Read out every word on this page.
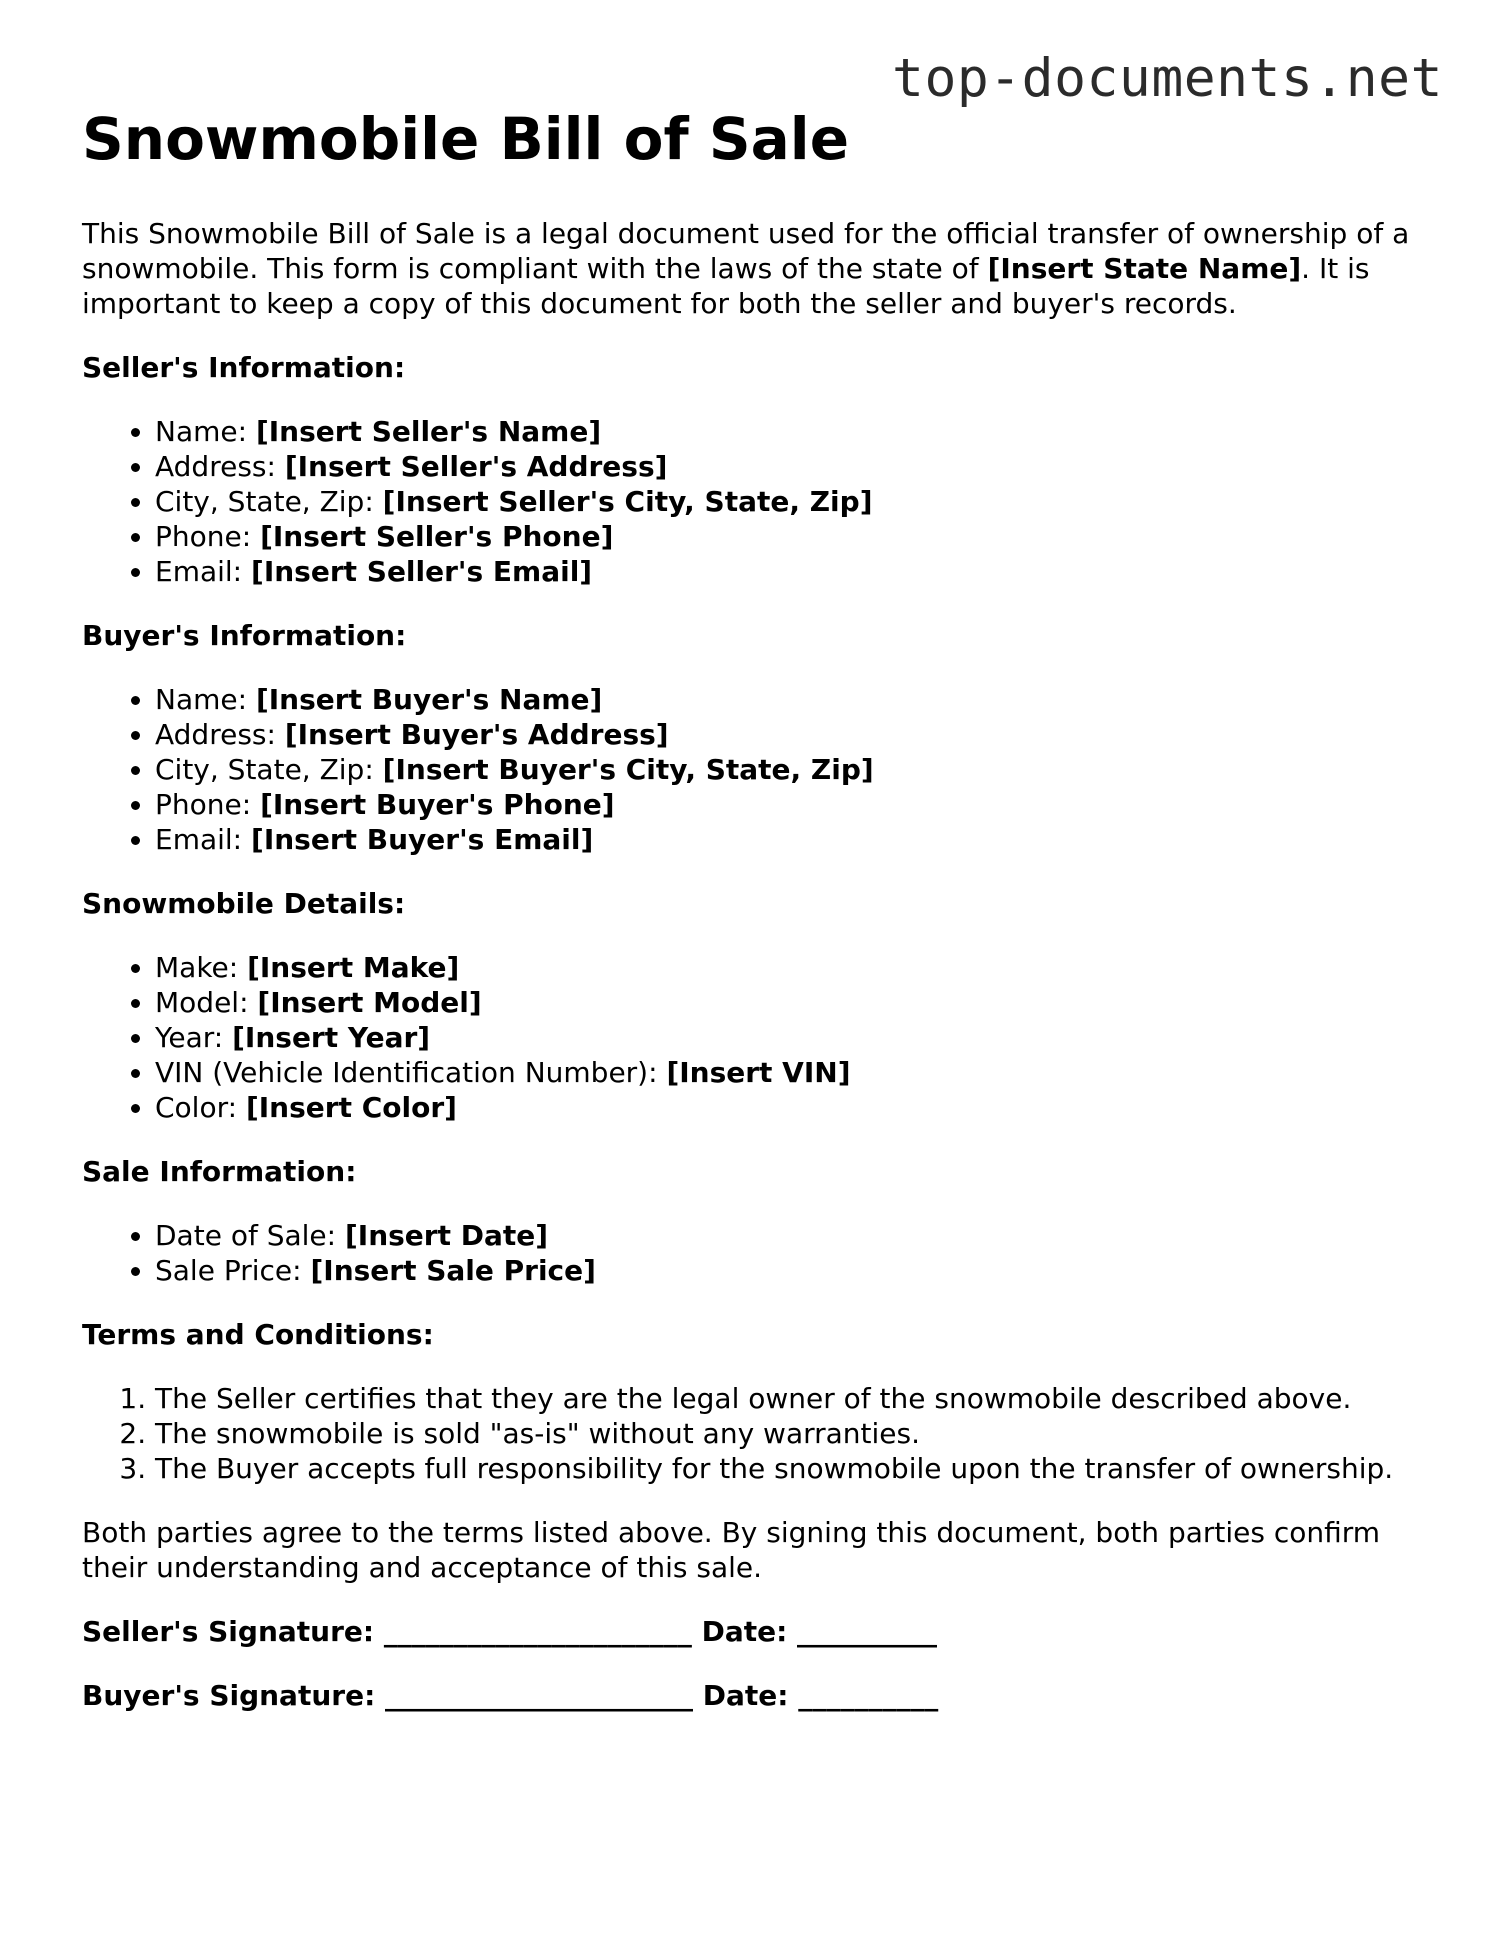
top-documents.net
Snowmobile Bill of Sale

This Snowmobile Bill of Sale is a legal document used for the official transfer of ownership of a snowmobile. This form is compliant with the laws of the state of [Insert State Name]. It is important to keep a copy of this document for both the seller and buyer's records.

Seller's Information:
• Name: [Insert Seller's Name]
• Address: [Insert Seller's Address]
• City, State, Zip: [Insert Seller's City, State, Zip]
• Phone: [Insert Seller's Phone]
• Email: [Insert Seller's Email]
Buyer's Information:
• Name: [Insert Buyer's Name]
• Address: [Insert Buyer's Address]
• City, State, Zip: [Insert Buyer's City, State, Zip]
• Phone: [Insert Buyer's Phone]
• Email: [Insert Buyer's Email]
Snowmobile Details:
• Make: [Insert Make]
• Model: [Insert Model]
• Year: [Insert Year]
• VIN (Vehicle Identification Number): [Insert VIN]
• Color: [Insert Color]
Sale Information:
• Date of Sale: [Insert Date]
• Sale Price: [Insert Sale Price]
Terms and Conditions:
1. The Seller certifies that they are the legal owner of the snowmobile described above.
2. The snowmobile is sold "as-is" without any warranties.
3. The Buyer accepts full responsibility for the snowmobile upon the transfer of ownership.

Both parties agree to the terms listed above. By signing this document, both parties confirm their understanding and acceptance of this sale.

Seller's Signature: ______________________ Date: __________
Buyer's Signature: ______________________ Date: __________
